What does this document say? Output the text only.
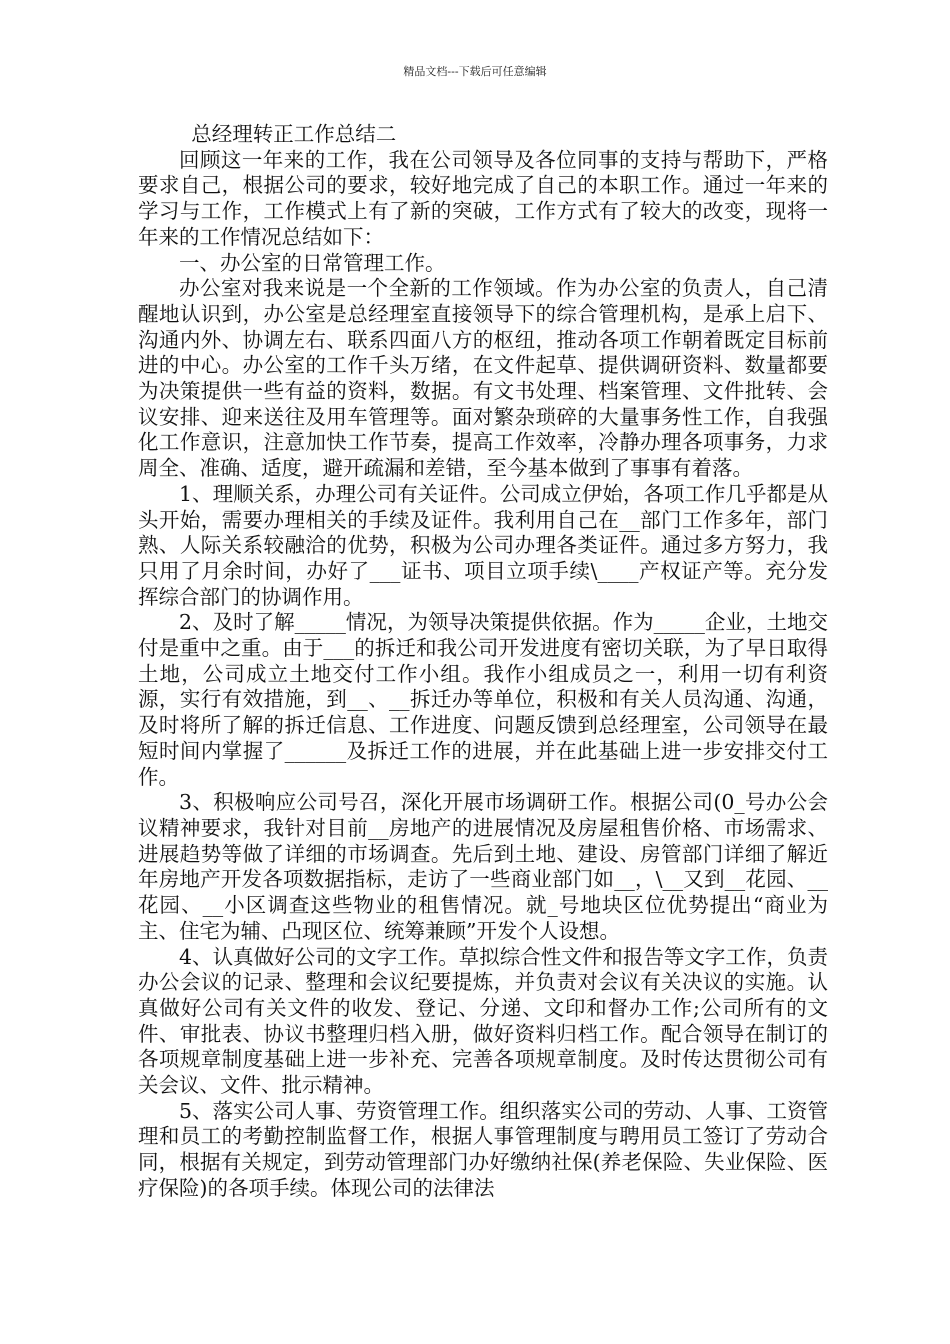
精品文档---下载后可任意编辑

总经理转正工作总结二

回顾这一年来的工作，我在公司领导及各位同事的支持与帮助下，严格要求自己，根据公司的要求，较好地完成了自己的本职工作。通过一年来的学习与工作，工作模式上有了新的突破，工作方式有了较大的改变，现将一年来的工作情况总结如下：

一、办公室的日常管理工作。

办公室对我来说是一个全新的工作领域。作为办公室的负责人，自己清醒地认识到，办公室是总经理室直接领导下的综合管理机构，是承上启下、沟通内外、协调左右、联系四面八方的枢纽，推动各项工作朝着既定目标前进的中心。办公室的工作千头万绪，在文件起草、提供调研资料、数量都要为决策提供一些有益的资料，数据。有文书处理、档案管理、文件批转、会议安排、迎来送往及用车管理等。面对繁杂琐碎的大量事务性工作，自我强化工作意识，注意加快工作节奏，提高工作效率，冷静办理各项事务，力求周全、准确、适度，避开疏漏和差错，至今基本做到了事事有着落。

1、理顺关系，办理公司有关证件。公司成立伊始，各项工作几乎都是从头开始，需要办理相关的手续及证件。我利用自己在__部门工作多年，部门熟、人际关系较融洽的优势，积极为公司办理各类证件。通过多方努力，我只用了月余时间，办好了___证书、项目立项手续\____产权证产等。充分发挥综合部门的协调作用。

2、及时了解_____情况，为领导决策提供依据。作为_____企业，土地交付是重中之重。由于___的拆迁和我公司开发进度有密切关联，为了早日取得土地，公司成立土地交付工作小组。我作小组成员之一，利用一切有利资源，实行有效措施，到__、__拆迁办等单位，积极和有关人员沟通、沟通，及时将所了解的拆迁信息、工作进度、问题反馈到总经理室，公司领导在最短时间内掌握了______及拆迁工作的进展，并在此基础上进一步安排交付工作。

3、积极响应公司号召，深化开展市场调研工作。根据公司(0_号办公会议精神要求，我针对目前__房地产的进展情况及房屋租售价格、市场需求、进展趋势等做了详细的市场调查。先后到土地、建设、房管部门详细了解近年房地产开发各项数据指标，走访了一些商业部门如__，\__又到__花园、__花园、__小区调查这些物业的租售情况。就_号地块区位优势提出“商业为主、住宅为辅、凸现区位、统筹兼顾”开发个人设想。

4、认真做好公司的文字工作。草拟综合性文件和报告等文字工作，负责办公会议的记录、整理和会议纪要提炼，并负责对会议有关决议的实施。认真做好公司有关文件的收发、登记、分递、文印和督办工作;公司所有的文件、审批表、协议书整理归档入册，做好资料归档工作。配合领导在制订的各项规章制度基础上进一步补充、完善各项规章制度。及时传达贯彻公司有关会议、文件、批示精神。

5、落实公司人事、劳资管理工作。组织落实公司的劳动、人事、工资管理和员工的考勤控制监督工作，根据人事管理制度与聘用员工签订了劳动合同，根据有关规定，到劳动管理部门办好缴纳社保(养老保险、失业保险、医疗保险)的各项手续。体现公司的法律法
